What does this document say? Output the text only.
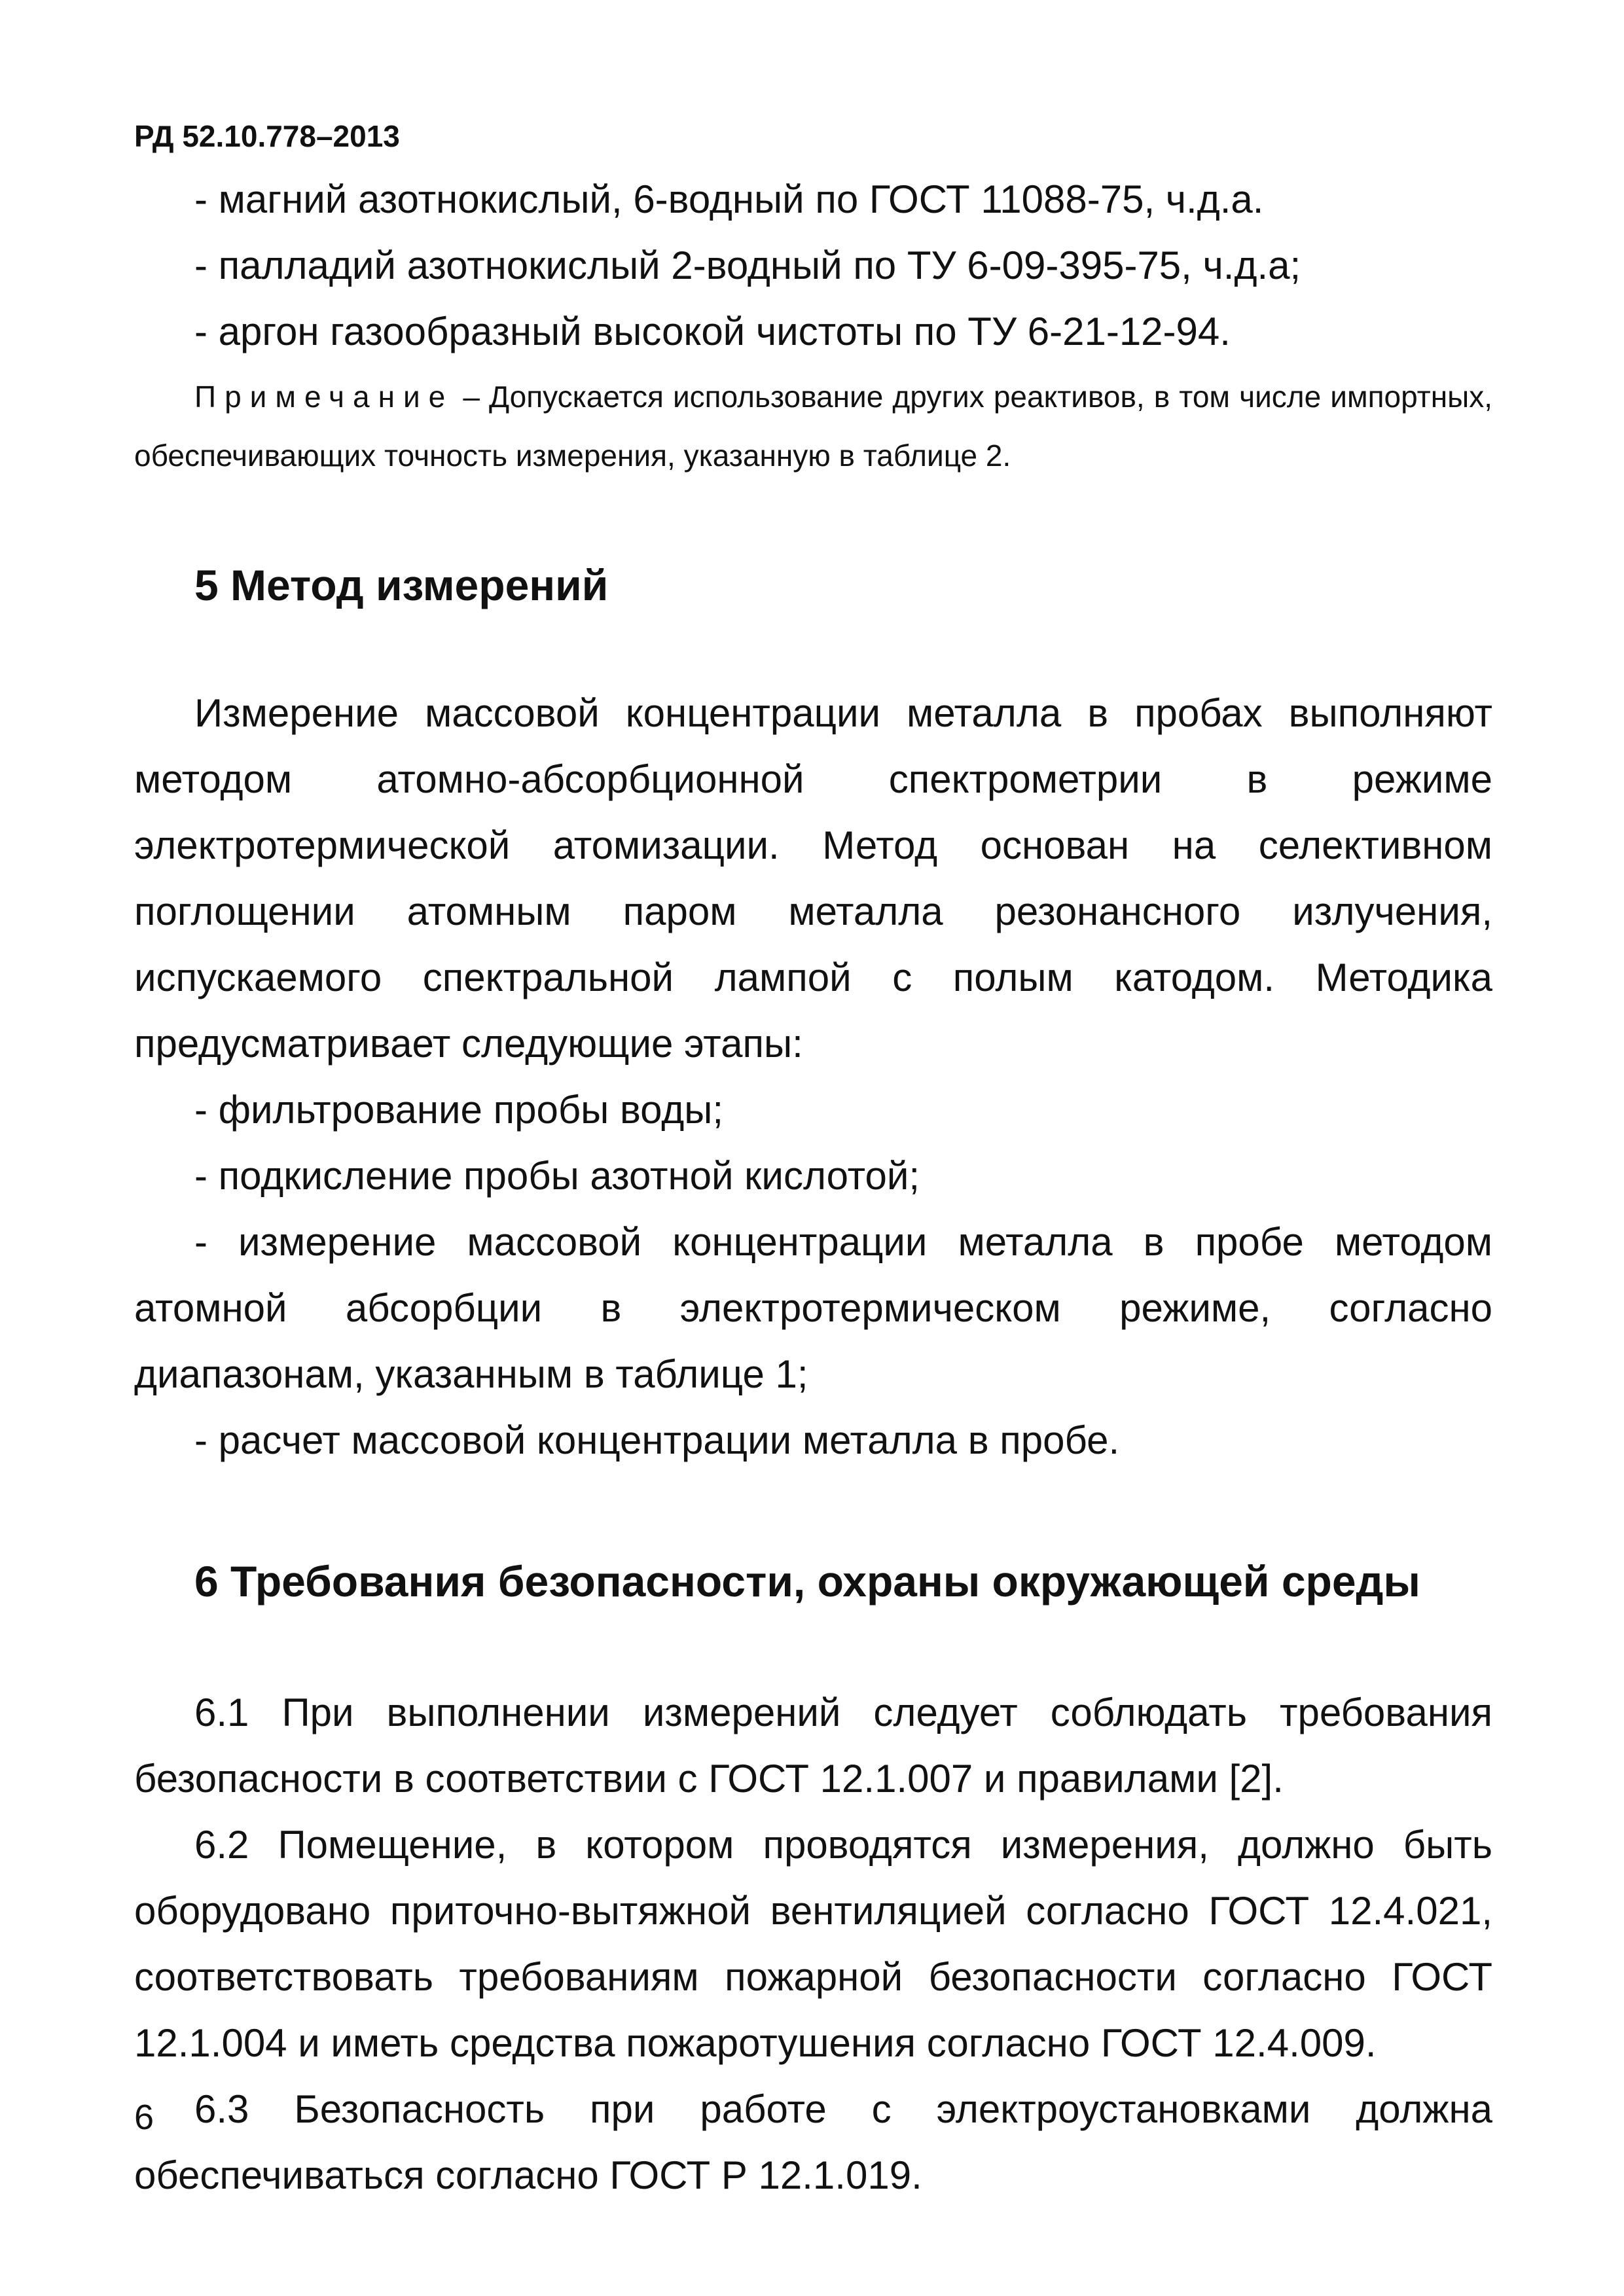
РД 52.10.778–2013

- магний азотнокислый, 6-водный по ГОСТ 11088-75, ч.д.а.

- палладий азотнокислый 2-водный по ТУ 6-09-395-75, ч.д.а;

- аргон газообразный высокой чистоты по ТУ 6-21-12-94.

Примечание – Допускается использование других реактивов, в том числе импортных, обеспечивающих точность измерения, указанную в таблице 2.

5 Метод измерений

Измерение массовой концентрации металла в пробах выполняют методом атомно-абсорбционной спектрометрии в режиме электротермической атомизации. Метод основан на селективном поглощении атомным паром металла резонансного излучения, испускаемого спектральной лампой с полым катодом. Методика предусматривает следующие этапы:

- фильтрование пробы воды;

- подкисление пробы азотной кислотой;

- измерение массовой концентрации металла в пробе методом атомной абсорбции в электротермическом режиме, согласно диапазонам, указанным в таблице 1;

- расчет массовой концентрации металла в пробе.

6 Требования безопасности, охраны окружающей среды

6.1 При выполнении измерений следует соблюдать требования безопасности в соответствии с ГОСТ 12.1.007 и правилами [2].

6.2 Помещение, в котором проводятся измерения, должно быть оборудовано приточно-вытяжной вентиляцией согласно ГОСТ 12.4.021, соответствовать требованиям пожарной безопасности согласно ГОСТ 12.1.004 и иметь средства пожаротушения согласно ГОСТ 12.4.009.

6.3 Безопасность при работе с электроустановками должна обеспечиваться согласно ГОСТ Р 12.1.019.

6
